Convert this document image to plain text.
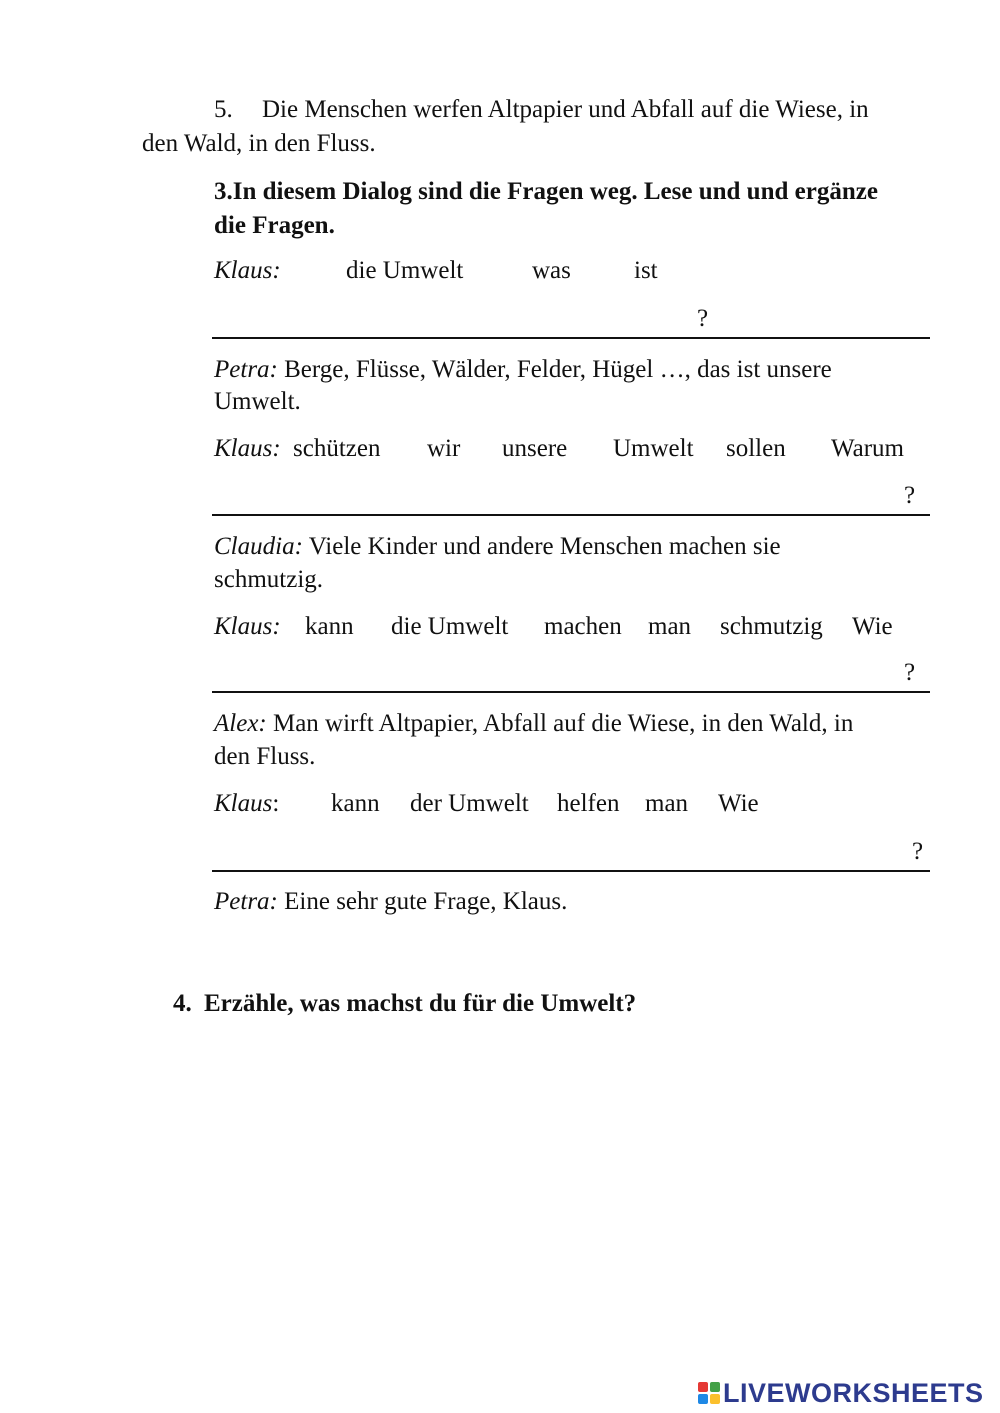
5. Die Menschen werfen Altpapier und Abfall auf die Wiese, in
den Wald, in den Fluss.
3.In diesem Dialog sind die Fragen weg. Lese und und ergänze
die Fragen.
Klaus:	die Umwelt	was	ist
?
Petra: Berge, Flüsse, Wälder, Felder, Hügel …, das ist unsere
Umwelt.
Klaus: schützen wir unsere Umwelt sollen Warum
?
Claudia: Viele Kinder und andere Menschen machen sie
schmutzig.
Klaus: kann die Umwelt machen man schmutzig Wie
?
Alex: Man wirft Altpapier, Abfall auf die Wiese, in den Wald, in
den Fluss.
Klaus: kann der Umwelt helfen man Wie
?
Petra: Eine sehr gute Frage, Klaus.
4. Erzähle, was machst du für die Umwelt?
LIVEWORKSHEETS
